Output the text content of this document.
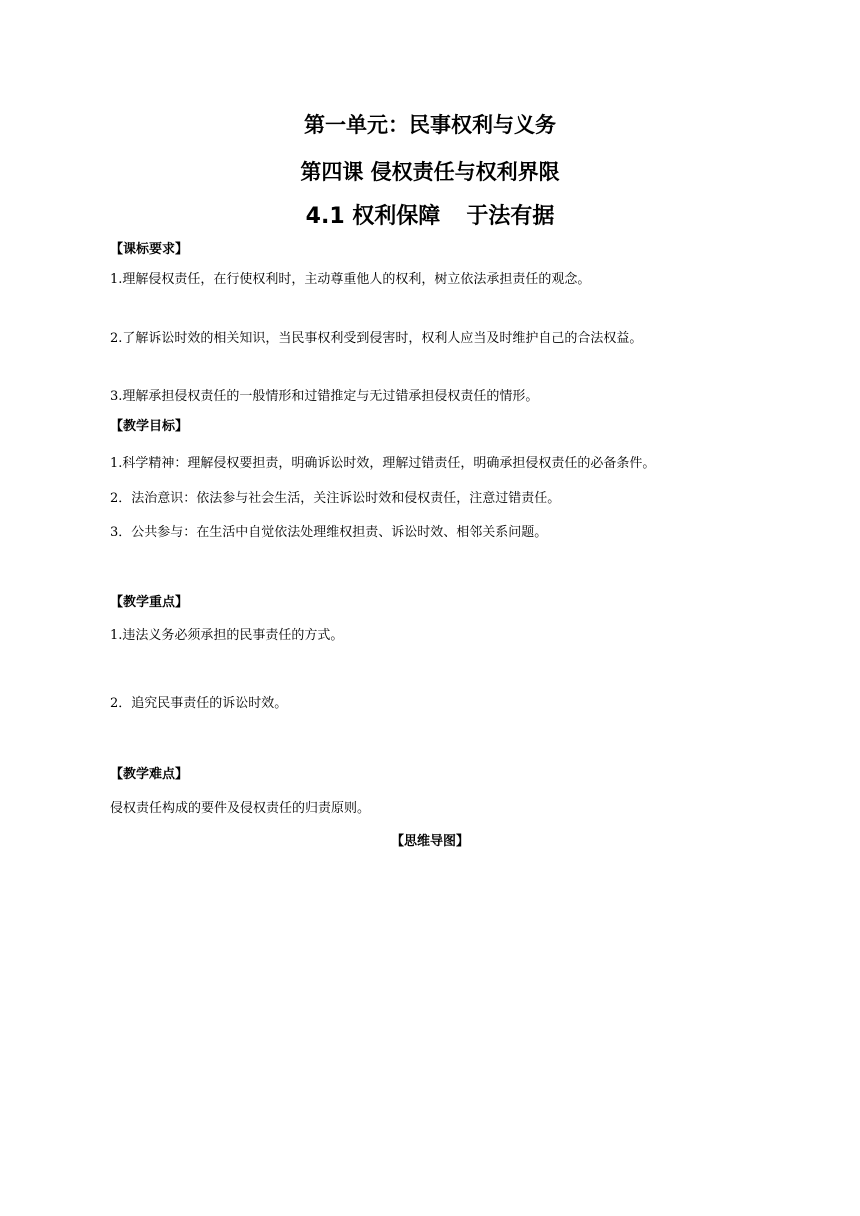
第一单元：民事权利与义务
第四课 侵权责任与权利界限
4.1 权利保障 于法有据
【课标要求】
1.理解侵权责任，在行使权利时，主动尊重他人的权利，树立依法承担责任的观念。
2.了解诉讼时效的相关知识，当民事权利受到侵害时，权利人应当及时维护自己的合法权益。
3.理解承担侵权责任的一般情形和过错推定与无过错承担侵权责任的情形。
【教学目标】
1.科学精神：理解侵权要担责，明确诉讼时效，理解过错责任，明确承担侵权责任的必备条件。
2．法治意识：依法参与社会生活，关注诉讼时效和侵权责任，注意过错责任。
3．公共参与：在生活中自觉依法处理维权担责、诉讼时效、相邻关系问题。
【教学重点】
1.违法义务必须承担的民事责任的方式。
2．追究民事责任的诉讼时效。
【教学难点】
侵权责任构成的要件及侵权责任的归责原则。
【思维导图】
